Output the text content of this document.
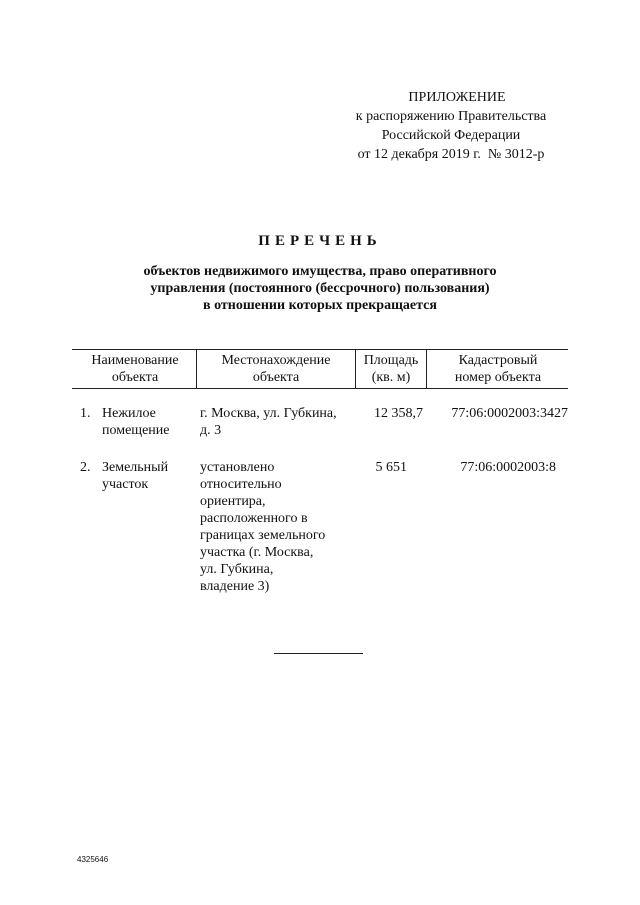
ПРИЛОЖЕНИЕ
к распоряжению Правительства
Российской Федерации
от 12 декабря 2019 г.  № 3012-р
ПЕРЕЧЕНЬ
объектов недвижимого имущества, право оперативного
управления (постоянного (бессрочного) пользования)
в отношении которых прекращается
Наименование
объекта
Местонахождение
объекта
Площадь
(кв. м)
Кадастровый
номер объекта
1. Нежилое
помещение
г. Москва, ул. Губкина,
д. 3
12 358,7	77:06:0002003:3427
2. Земельный
участок
установлено
относительно
ориентира,
расположенного в
границах земельного
участка (г. Москва,
ул. Губкина,
владение 3)
5 651	77:06:0002003:8
4325646
